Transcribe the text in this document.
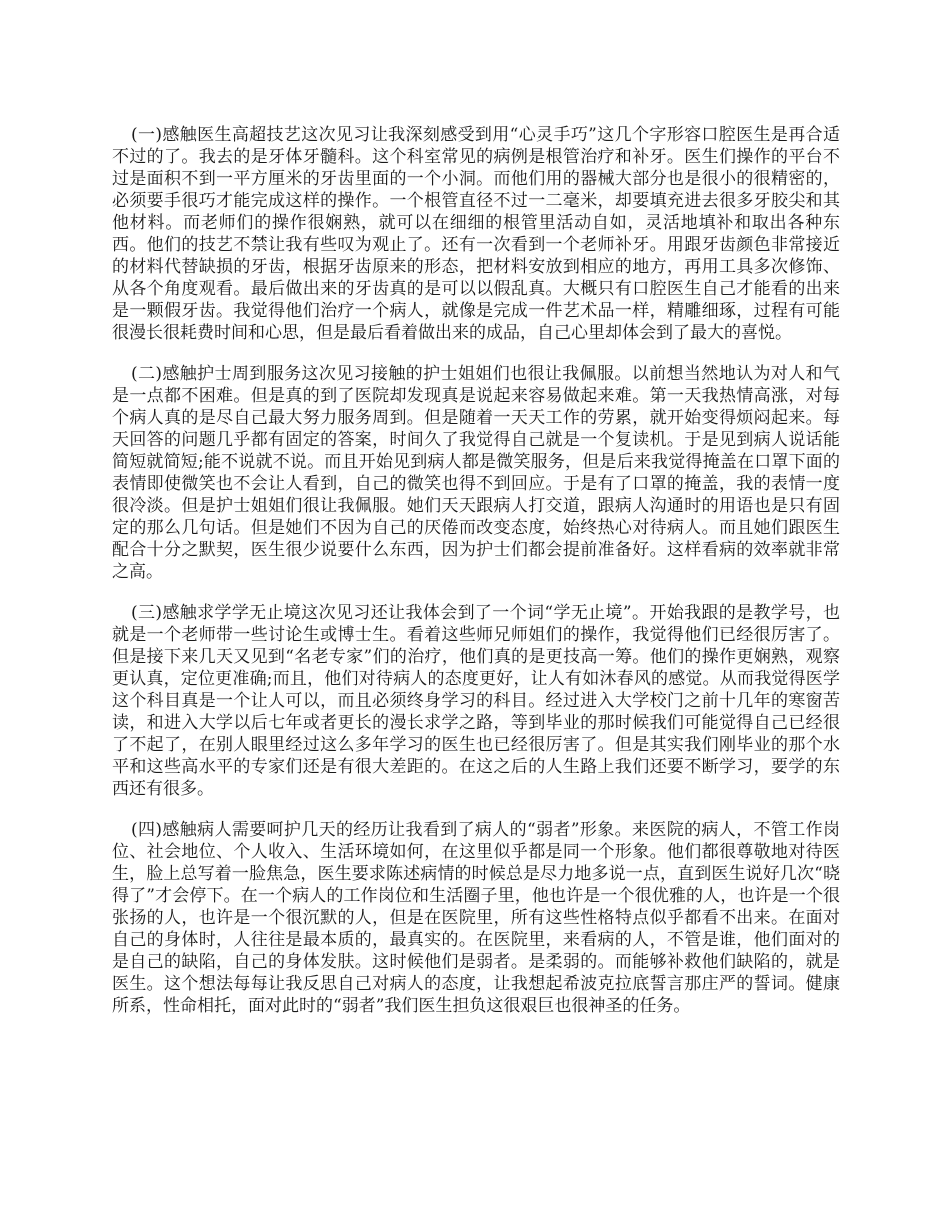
(一)感触医生高超技艺这次见习让我深刻感受到用“心灵手巧”这几个字形容口腔医生是再合适不过的了。我去的是牙体牙髓科。这个科室常见的病例是根管治疗和补牙。医生们操作的平台不过是面积不到一平方厘米的牙齿里面的一个小洞。而他们用的器械大部分也是很小的很精密的，必须要手很巧才能完成这样的操作。一个根管直径不过一二毫米，却要填充进去很多牙胶尖和其他材料。而老师们的操作很娴熟，就可以在细细的根管里活动自如，灵活地填补和取出各种东西。他们的技艺不禁让我有些叹为观止了。还有一次看到一个老师补牙。用跟牙齿颜色非常接近的材料代替缺损的牙齿，根据牙齿原来的形态，把材料安放到相应的地方，再用工具多次修饰、从各个角度观看。最后做出来的牙齿真的是可以以假乱真。大概只有口腔医生自己才能看的出来是一颗假牙齿。我觉得他们治疗一个病人，就像是完成一件艺术品一样，精雕细琢，过程有可能很漫长很耗费时间和心思，但是最后看着做出来的成品，自己心里却体会到了最大的喜悦。

(二)感触护士周到服务这次见习接触的护士姐姐们也很让我佩服。以前想当然地认为对人和气是一点都不困难。但是真的到了医院却发现真是说起来容易做起来难。第一天我热情高涨，对每个病人真的是尽自己最大努力服务周到。但是随着一天天工作的劳累，就开始变得烦闷起来。每天回答的问题几乎都有固定的答案，时间久了我觉得自己就是一个复读机。于是见到病人说话能简短就简短;能不说就不说。而且开始见到病人都是微笑服务，但是后来我觉得掩盖在口罩下面的表情即使微笑也不会让人看到，自己的微笑也得不到回应。于是有了口罩的掩盖，我的表情一度很冷淡。但是护士姐姐们很让我佩服。她们天天跟病人打交道，跟病人沟通时的用语也是只有固定的那么几句话。但是她们不因为自己的厌倦而改变态度，始终热心对待病人。而且她们跟医生配合十分之默契，医生很少说要什么东西，因为护士们都会提前准备好。这样看病的效率就非常之高。

(三)感触求学学无止境这次见习还让我体会到了一个词“学无止境”。开始我跟的是教学号，也就是一个老师带一些讨论生或博士生。看着这些师兄师姐们的操作，我觉得他们已经很厉害了。但是接下来几天又见到“名老专家”们的治疗，他们真的是更技高一筹。他们的操作更娴熟，观察更认真，定位更准确;而且，他们对待病人的态度更好，让人有如沐春风的感觉。从而我觉得医学这个科目真是一个让人可以，而且必须终身学习的科目。经过进入大学校门之前十几年的寒窗苦读，和进入大学以后七年或者更长的漫长求学之路，等到毕业的那时候我们可能觉得自己已经很了不起了，在别人眼里经过这么多年学习的医生也已经很厉害了。但是其实我们刚毕业的那个水平和这些高水平的专家们还是有很大差距的。在这之后的人生路上我们还要不断学习，要学的东西还有很多。

(四)感触病人需要呵护几天的经历让我看到了病人的“弱者”形象。来医院的病人，不管工作岗位、社会地位、个人收入、生活环境如何，在这里似乎都是同一个形象。他们都很尊敬地对待医生，脸上总写着一脸焦急，医生要求陈述病情的时候总是尽力地多说一点，直到医生说好几次“晓得了”才会停下。在一个病人的工作岗位和生活圈子里，他也许是一个很优雅的人，也许是一个很张扬的人，也许是一个很沉默的人，但是在医院里，所有这些性格特点似乎都看不出来。在面对自己的身体时，人往往是最本质的，最真实的。在医院里，来看病的人，不管是谁，他们面对的是自己的缺陷，自己的身体发肤。这时候他们是弱者。是柔弱的。而能够补救他们缺陷的，就是医生。这个想法每每让我反思自己对病人的态度，让我想起希波克拉底誓言那庄严的誓词。健康所系，性命相托，面对此时的“弱者”我们医生担负这很艰巨也很神圣的任务。
